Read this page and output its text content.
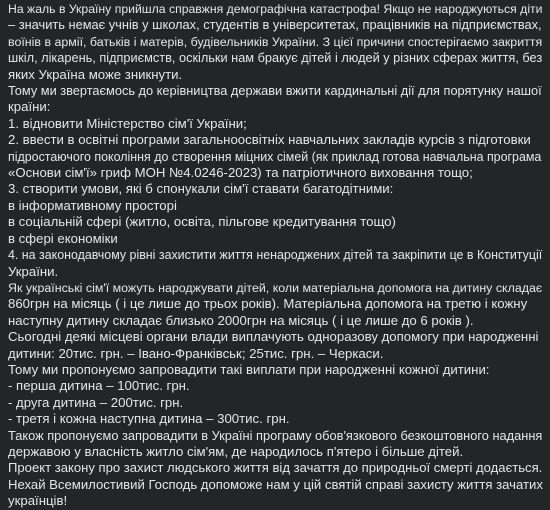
На жаль в Україну прийшла справжня демографічна катастрофа! Якщо не народжуються діти
– значить немає учнів у школах, студентів в університетах, працівників на підприємствах,
воїнів в армії, батьків і матерів, будівельників України. З цієї причини спостерігаємо закриття
шкіл, лікарень, підприємств, оскільки нам бракує дітей і людей у різних сферах життя, без
яких Україна може зникнути.
Тому ми звертаємось до керівництва держави вжити кардинальні дії для порятунку нашої
країни:
1. відновити Міністерство сім'ї України;
2. ввести в освітні програми загальноосвітніх навчальних закладів курсів з підготовки
підростаючого покоління до створення міцних сімей (як приклад готова навчальна програма
«Основи сім'ї» гриф МОН №4.0246-2023) та патріотичного виховання тощо;
3. створити умови, які б спонукали сім'ї ставати багатодітними:
в інформативному просторі
в соціальній сфері (житло, освіта, пільгове кредитування тощо)
в сфері економіки
4. на законодавчому рівні захистити життя ненароджених дітей та закріпити це в Конституції
України.
Як українські сім'ї можуть народжувати дітей, коли матеріальна допомога на дитину складає
860грн на місяць ( і це лише до трьох років). Матеріальна допомога на третю і кожну
наступну дитину складає близько 2000грн на місяць ( і це лише до 6 років ).
Сьогодні деякі місцеві органи влади виплачують одноразову допомогу при народженні
дитини: 20тис. грн. – Івано-Франківськ; 25тис. грн. – Черкаси.
Тому ми пропонуємо запровадити такі виплати при народженні кожної дитини:
- перша дитина – 100тис. грн.
- друга дитина – 200тис. грн.
- третя і кожна наступна дитина – 300тис. грн.
Також пропонуємо запровадити в Україні програму обов'язкового безкоштовного надання
державою у власність житло сім'ям, де народилось п'ятеро і більше дітей.
Проект закону про захист людського життя від зачаття до природньої смерті додається.
Нехай Всемилостивий Господь допоможе нам у цій святій справі захисту життя зачатих
українців!
